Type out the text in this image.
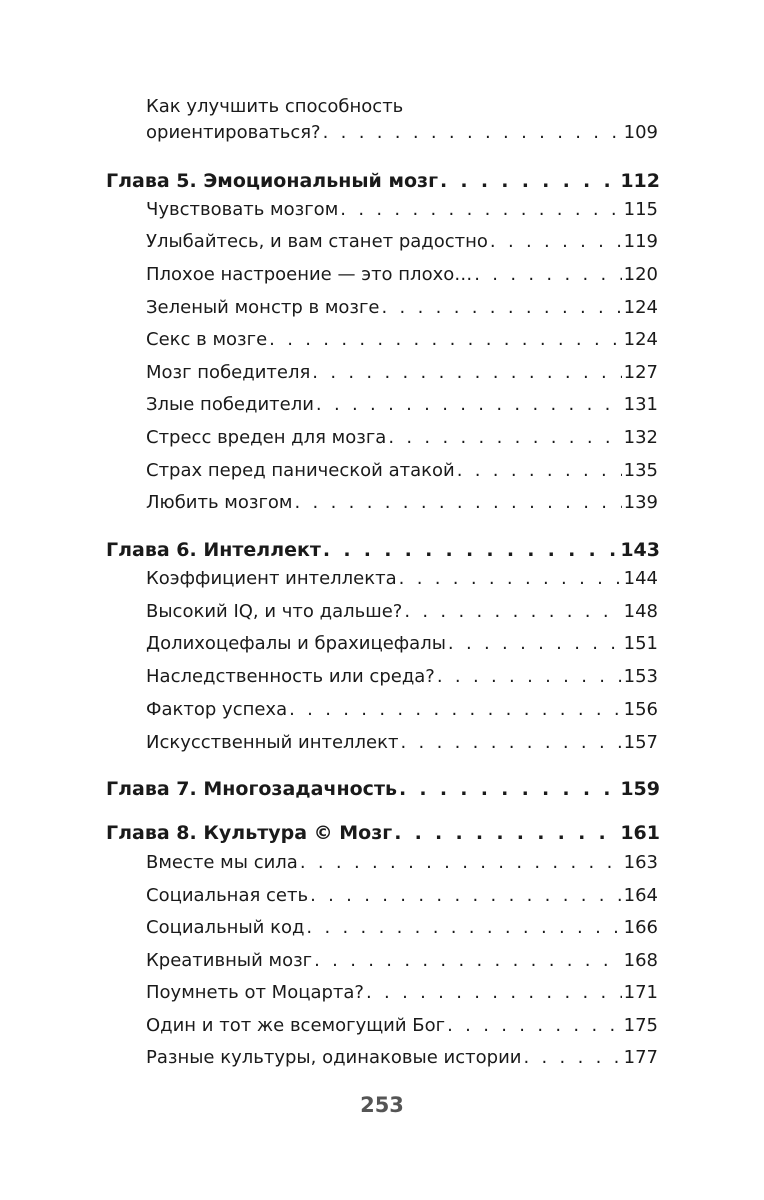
Как улучшить способность
ориентироваться? . . .	109
Глава 5. Эмоциональный мозг . . .	112
Чувствовать мозгом . . .	115
Улыбайтесь, и вам станет радостно . . .	119
Плохое настроение — это плохо… . . .	120
Зеленый монстр в мозге . . .	124
Секс в мозге . . .	124
Мозг победителя . . .	127
Злые победители . . .	131
Стресс вреден для мозга . . .	132
Страх перед панической атакой . . .	135
Любить мозгом . . .	139
Глава 6. Интеллект . . .	143
Коэффициент интеллекта . . .	144
Высокий IQ, и что дальше? . . .	148
Долихоцефалы и брахицефалы . . .	151
Наследственность или среда? . . .	153
Фактор успеха . . .	156
Искусственный интеллект . . .	157
Глава 7. Многозадачность . . .	159
Глава 8. Культура © Мозг . . .	161
Вместе мы сила . . .	163
Социальная сеть . . .	164
Социальный код . . .	166
Креативный мозг . . .	168
Поумнеть от Моцарта? . . .	171
Один и тот же всемогущий Бог . . .	175
Разные культуры, одинаковые истории . . .	177
253
